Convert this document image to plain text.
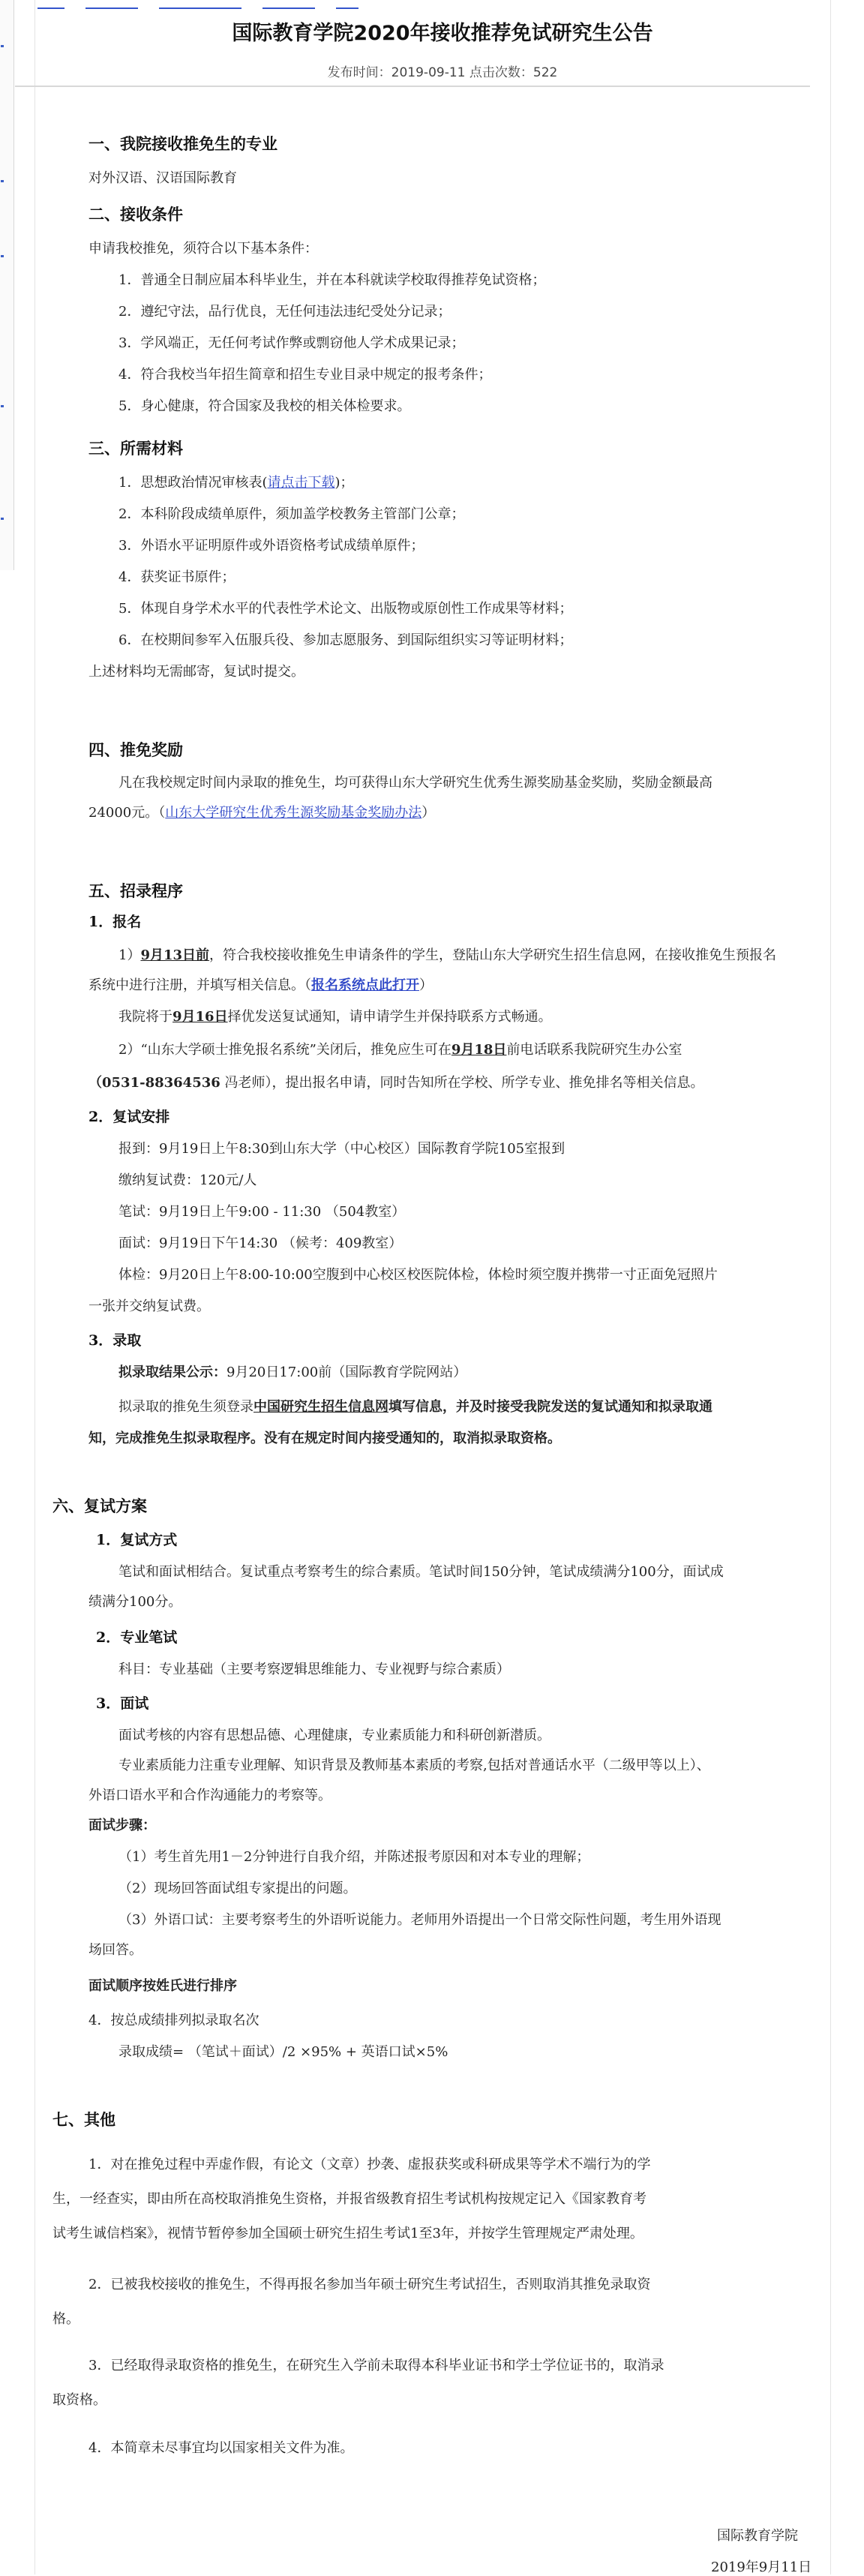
国际教育学院2020年接收推荐免试研究生公告
发布时间：2019-09-11 点击次数：522
一、我院接收推免生的专业
对外汉语、汉语国际教育
二、接收条件
申请我校推免，须符合以下基本条件：
1．普通全日制应届本科毕业生，并在本科就读学校取得推荐免试资格；
2．遵纪守法，品行优良，无任何违法违纪受处分记录；
3．学风端正，无任何考试作弊或剽窃他人学术成果记录；
4．符合我校当年招生简章和招生专业目录中规定的报考条件；
5．身心健康，符合国家及我校的相关体检要求。
三、所需材料
1．思想政治情况审核表(请点击下载)；
2．本科阶段成绩单原件，须加盖学校教务主管部门公章；
3．外语水平证明原件或外语资格考试成绩单原件；
4．获奖证书原件；
5．体现自身学术水平的代表性学术论文、出版物或原创性工作成果等材料；
6．在校期间参军入伍服兵役、参加志愿服务、到国际组织实习等证明材料；
上述材料均无需邮寄，复试时提交。
四、推免奖励
凡在我校规定时间内录取的推免生，均可获得山东大学研究生优秀生源奖励基金奖励，奖励金额最高
24000元。（山东大学研究生优秀生源奖励基金奖励办法）
五、招录程序
1．报名
1）9月13日前，符合我校接收推免生申请条件的学生，登陆山东大学研究生招生信息网，在接收推免生预报名
系统中进行注册，并填写相关信息。（报名系统点此打开）
我院将于9月16日择优发送复试通知，请申请学生并保持联系方式畅通。
2）“山东大学硕士推免报名系统”关闭后，推免应生可在9月18日前电话联系我院研究生办公室
（0531-88364536 冯老师），提出报名申请，同时告知所在学校、所学专业、推免排名等相关信息。
2．复试安排
报到：9月19日上午8:30到山东大学（中心校区）国际教育学院105室报到
缴纳复试费：120元/人
笔试：9月19日上午9:00 - 11:30 （504教室）
面试：9月19日下午14:30 （候考：409教室）
体检：9月20日上午8:00-10:00空腹到中心校区校医院体检，体检时须空腹并携带一寸正面免冠照片
一张并交纳复试费。
3．录取
拟录取结果公示：9月20日17:00前（国际教育学院网站）
拟录取的推免生须登录中国研究生招生信息网填写信息，并及时接受我院发送的复试通知和拟录取通
知，完成推免生拟录取程序。没有在规定时间内接受通知的，取消拟录取资格。
六、复试方案
1．复试方式
笔试和面试相结合。复试重点考察考生的综合素质。笔试时间150分钟，笔试成绩满分100分，面试成
绩满分100分。
2．专业笔试
科目：专业基础（主要考察逻辑思维能力、专业视野与综合素质）
3．面试
面试考核的内容有思想品德、心理健康，专业素质能力和科研创新潜质。
专业素质能力注重专业理解、知识背景及教师基本素质的考察,包括对普通话水平（二级甲等以上）、
外语口语水平和合作沟通能力的考察等。
面试步骤：
（1）考生首先用1－2分钟进行自我介绍，并陈述报考原因和对本专业的理解；
（2）现场回答面试组专家提出的问题。
（3）外语口试：主要考察考生的外语听说能力。老师用外语提出一个日常交际性问题，考生用外语现
场回答。
面试顺序按姓氏进行排序
4．按总成绩排列拟录取名次
录取成绩= （笔试＋面试）/2 ×95% + 英语口试×5%
七、其他
1．对在推免过程中弄虚作假，有论文（文章）抄袭、虚报获奖或科研成果等学术不端行为的学
生，一经查实，即由所在高校取消推免生资格，并报省级教育招生考试机构按规定记入《国家教育考
试考生诚信档案》，视情节暂停参加全国硕士研究生招生考试1至3年，并按学生管理规定严肃处理。
2．已被我校接收的推免生，不得再报名参加当年硕士研究生考试招生，否则取消其推免录取资
格。
3．已经取得录取资格的推免生，在研究生入学前未取得本科毕业证书和学士学位证书的，取消录
取资格。
4．本简章未尽事宜均以国家相关文件为准。
国际教育学院
2019年9月11日
